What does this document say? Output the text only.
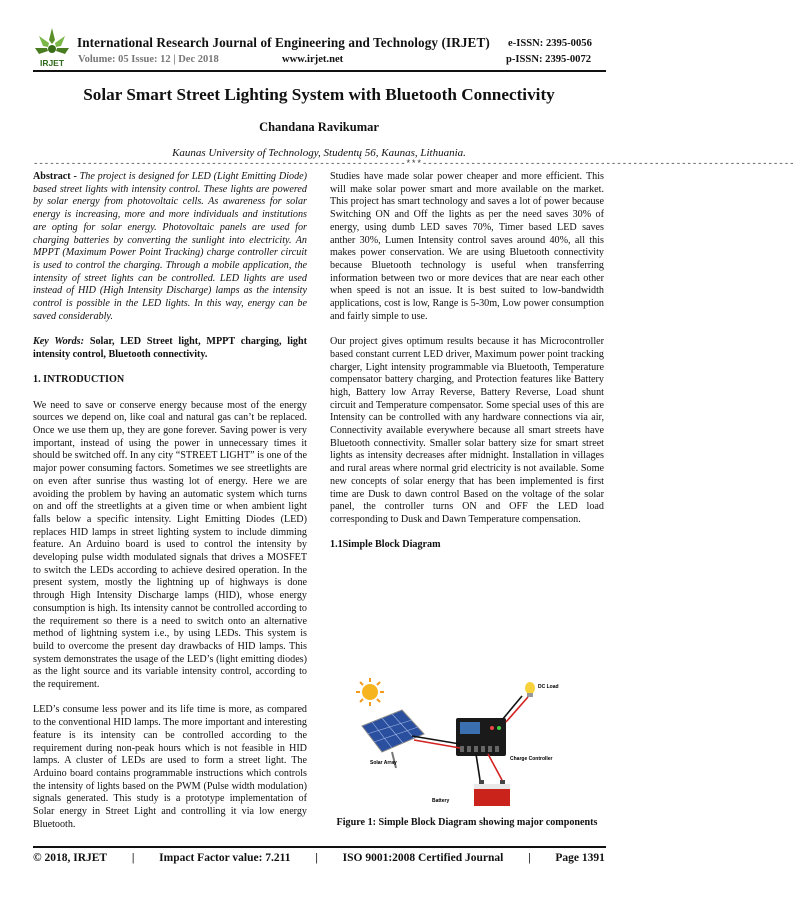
IRJET
International Research Journal of Engineering and Technology (IRJET) e-ISSN: 2395-0056
Volume: 05 Issue: 12 | Dec 2018	www.irjet.net	p-ISSN: 2395-0072
Solar Smart Street Lighting System with Bluetooth Connectivity
Chandana Ravikumar
Kaunas University of Technology, Studentų 56, Kaunas, Lithuania.
---------------------------------------------------------------------***---------------------------------------------------------------------

Abstract - The project is designed for LED (Light Emitting Diode) based street lights with intensity control. These lights are powered by solar energy from photovoltaic cells. As awareness for solar energy is increasing, more and more individuals and institutions are opting for solar energy. Photovoltaic panels are used for charging batteries by converting the sunlight into electricity. An MPPT (Maximum Power Point Tracking) charge controller circuit is used to control the charging. Through a mobile application, the intensity of street lights can be controlled. LED lights are used instead of HID (High Intensity Discharge) lamps as the intensity control is possible in the LED lights. In this way, energy can be saved considerably.

Key Words: Solar, LED Street light, MPPT charging, light intensity control, Bluetooth connectivity.

1. INTRODUCTION

We need to save or conserve energy because most of the energy sources we depend on, like coal and natural gas can’t be replaced. Once we use them up, they are gone forever. Saving power is very important, instead of using the power in unnecessary times it should be switched off. In any city “STREET LIGHT” is one of the major power consuming factors. Sometimes we see streetlights are on even after sunrise thus wasting lot of energy. Here we are avoiding the problem by having an automatic system which turns on and off the streetlights at a given time or when ambient light falls below a specific intensity. Light Emitting Diodes (LED) replaces HID lamps in street lighting system to include dimming feature. An Arduino board is used to control the intensity by developing pulse width modulated signals that drives a MOSFET to switch the LEDs according to achieve desired operation. In the present system, mostly the lightning up of highways is done through High Intensity Discharge lamps (HID), whose energy consumption is high. Its intensity cannot be controlled according to the requirement so there is a need to switch onto an alternative method of lightning system i.e., by using LEDs. This system is build to overcome the present day drawbacks of HID lamps. This system demonstrates the usage of the LED’s (light emitting diodes) as the light source and its variable intensity control, according to the requirement.

LED’s consume less power and its life time is more, as compared to the conventional HID lamps. The more important and interesting feature is its intensity can be controlled according to the requirement during non-peak hours which is not feasible in HID lamps. A cluster of LEDs are used to form a street light. The Arduino board contains programmable instructions which controls the intensity of lights based on the PWM (Pulse width modulation) signals generated. This study is a prototype implementation of Solar energy in Street Light and controlling it via low energy Bluetooth.

Studies have made solar power cheaper and more efficient. This will make solar power smart and more available on the market. This project has smart technology and saves a lot of power because Switching ON and Off the lights as per the need saves 30% of energy, using dumb LED saves 70%, Timer based LED saves anther 30%, Lumen Intensity control saves around 40%, all this makes power conservation. We are using Bluetooth connectivity because Bluetooth technology is useful when transferring information between two or more devices that are near each other when speed is not an issue. It is best suited to low-bandwidth applications, cost is low, Range is 5-30m, Low power consumption and fairly simple to use.

Our project gives optimum results because it has Microcontroller based constant current LED driver, Maximum power point tracking charger, Light intensity programmable via Bluetooth, Temperature compensator battery charging, and Protection features like Battery high, Battery low Array Reverse, Battery Reverse, Load shunt circuit and Temperature compensator. Some special uses of this are Intensity can be controlled with any hardware connections via air, Connectivity available everywhere because all smart streets have Bluetooth connectivity. Smaller solar battery size for smart street lights as intensity decreases after midnight. Installation in villages and rural areas where normal grid electricity is not available. Some new concepts of solar energy that has been implemented is first time are Dusk to dawn control Based on the voltage of the solar panel, the controller turns ON and OFF the LED load corresponding to Dusk and Dawn Temperature compensation.

1.1Simple Block Diagram
Solar Array
DC Load
Charge Controller
Battery
Figure 1: Simple Block Diagram showing major components
© 2018, IRJET	|	Impact Factor value: 7.211	|	ISO 9001:2008 Certified Journal	|	Page 1391
